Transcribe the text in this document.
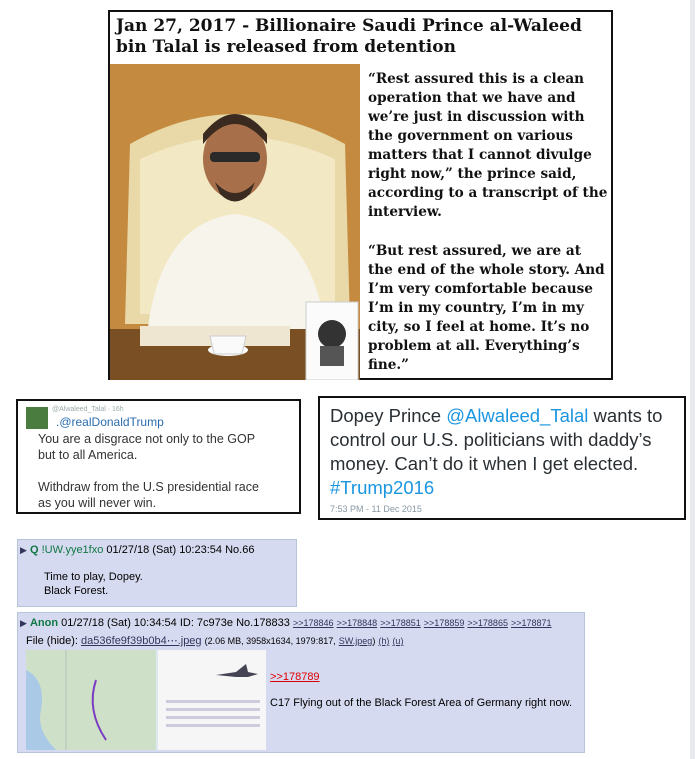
Jan 27, 2017 - Billionaire Saudi Prince al-Waleed bin Talal is released from detention
“Rest assured this is a clean
operation that we have and
we’re just in discussion with
the government on various
matters that I cannot divulge
right now,” the prince said,
according to a transcript of the
interview.
“But rest assured, we are at
the end of the whole story. And
I’m very comfortable because
I’m in my country, I’m in my
city, so I feel at home. It’s no
problem at all. Everything’s
fine.”
@Alwaleed_Talal · 16h
.@realDonaldTrump
You are a disgrace not only to the GOP
but to all America.
Withdraw from the U.S presidential race
as you will never win.
Dopey Prince @Alwaleed_Talal wants to
control our U.S. politicians with daddy’s
money. Can’t do it when I get elected.
#Trump2016
7:53 PM - 11 Dec 2015
▶ Q !UW.yye1fxo 01/27/18 (Sat) 10:23:54 No.66
Time to play, Dopey.
Black Forest.
▶ Anon 01/27/18 (Sat) 10:34:54 ID: 7c973e No.178833 >>178846 >>178848 >>178851 >>178859 >>178865 >>178871
File (hide): da536fe9f39b0b4⋯.jpeg (2.06 MB, 3958x1634, 1979:817, SW.jpeg) (h) (u)
>>178789
C17 Flying out of the Black Forest Area of Germany right now.
